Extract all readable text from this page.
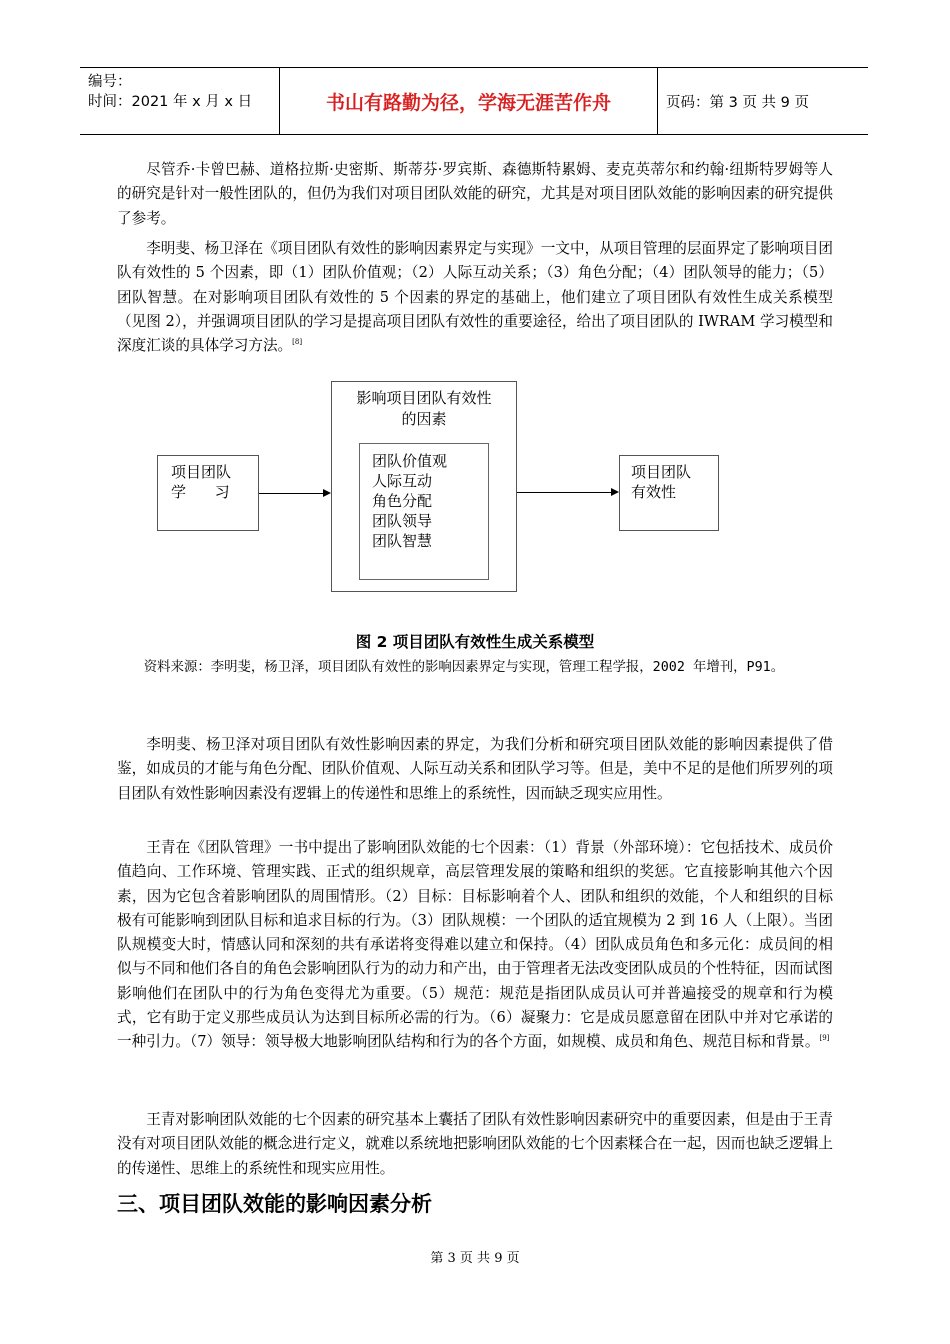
编号：
时间：2021 年 x 月 x 日	书山有路勤为径，学海无涯苦作舟	页码：第 3 页 共 9 页

尽管乔·卡曾巴赫、道格拉斯·史密斯、斯蒂芬·罗宾斯、森德斯特累姆、麦克英蒂尔和约翰·纽斯特罗姆等人的研究是针对一般性团队的，但仍为我们对项目团队效能的研究，尤其是对项目团队效能的影响因素的研究提供了参考。

李明斐、杨卫泽在《项目团队有效性的影响因素界定与实现》一文中，从项目管理的层面界定了影响项目团队有效性的 5 个因素，即（1）团队价值观；（2）人际互动关系；（3）角色分配；（4）团队领导的能力；（5）团队智慧。在对影响项目团队有效性的 5 个因素的界定的基础上，他们建立了项目团队有效性生成关系模型（见图 2），并强调项目团队的学习是提高项目团队有效性的重要途径，给出了项目团队的 IWRAM 学习模型和深度汇谈的具体学习方法。[8]

项目团队
学      习
影响项目团队有效性
的因素
团队价值观
人际互动
角色分配
团队领导
团队智慧
项目团队
有效性
图 2 项目团队有效性生成关系模型

资料来源：李明斐，杨卫泽，项目团队有效性的影响因素界定与实现，管理工程学报，2002 年增刊，P91。

李明斐、杨卫泽对项目团队有效性影响因素的界定，为我们分析和研究项目团队效能的影响因素提供了借鉴，如成员的才能与角色分配、团队价值观、人际互动关系和团队学习等。但是，美中不足的是他们所罗列的项目团队有效性影响因素没有逻辑上的传递性和思维上的系统性，因而缺乏现实应用性。

王青在《团队管理》一书中提出了影响团队效能的七个因素：（1）背景（外部环境）：它包括技术、成员价值趋向、工作环境、管理实践、正式的组织规章，高层管理发展的策略和组织的奖惩。它直接影响其他六个因素，因为它包含着影响团队的周围情形。（2）目标：目标影响着个人、团队和组织的效能，个人和组织的目标极有可能影响到团队目标和追求目标的行为。（3）团队规模：一个团队的适宜规模为 2 到 16 人（上限）。当团队规模变大时，情感认同和深刻的共有承诺将变得难以建立和保持。（4）团队成员角色和多元化：成员间的相似与不同和他们各自的角色会影响团队行为的动力和产出，由于管理者无法改变团队成员的个性特征，因而试图影响他们在团队中的行为角色变得尤为重要。（5）规范：规范是指团队成员认可并普遍接受的规章和行为模式，它有助于定义那些成员认为达到目标所必需的行为。（6）凝聚力：它是成员愿意留在团队中并对它承诺的一种引力。（7）领导：领导极大地影响团队结构和行为的各个方面，如规模、成员和角色、规范目标和背景。[9]

王青对影响团队效能的七个因素的研究基本上囊括了团队有效性影响因素研究中的重要因素，但是由于王青没有对项目团队效能的概念进行定义，就难以系统地把影响团队效能的七个因素糅合在一起，因而也缺乏逻辑上的传递性、思维上的系统性和现实应用性。

三、项目团队效能的影响因素分析
第 3 页 共 9 页
